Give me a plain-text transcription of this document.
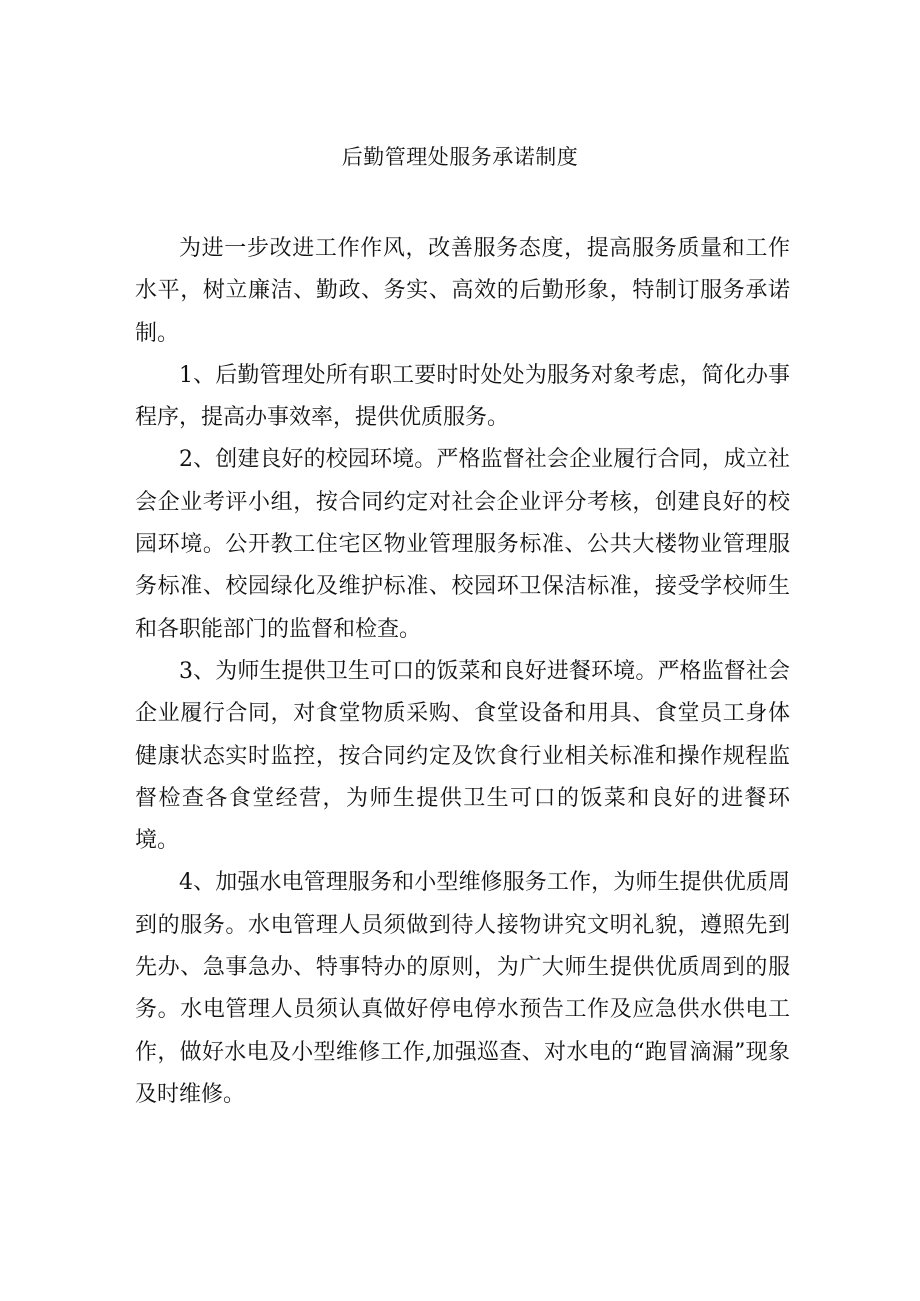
后勤管理处服务承诺制度

为进一步改进工作作风，改善服务态度，提高服务质量和工作水平，树立廉洁、勤政、务实、高效的后勤形象，特制订服务承诺制。

1、后勤管理处所有职工要时时处处为服务对象考虑，简化办事程序，提高办事效率，提供优质服务。

2、创建良好的校园环境。严格监督社会企业履行合同，成立社会企业考评小组，按合同约定对社会企业评分考核，创建良好的校园环境。公开教工住宅区物业管理服务标准、公共大楼物业管理服务标准、校园绿化及维护标准、校园环卫保洁标准，接受学校师生和各职能部门的监督和检查。

3、为师生提供卫生可口的饭菜和良好进餐环境。严格监督社会企业履行合同，对食堂物质采购、食堂设备和用具、食堂员工身体健康状态实时监控，按合同约定及饮食行业相关标准和操作规程监督检查各食堂经营，为师生提供卫生可口的饭菜和良好的进餐环境。

4、加强水电管理服务和小型维修服务工作，为师生提供优质周到的服务。水电管理人员须做到待人接物讲究文明礼貌，遵照先到先办、急事急办、特事特办的原则，为广大师生提供优质周到的服务。水电管理人员须认真做好停电停水预告工作及应急供水供电工作，做好水电及小型维修工作,加强巡查、对水电的“跑冒滴漏”现象及时维修。
